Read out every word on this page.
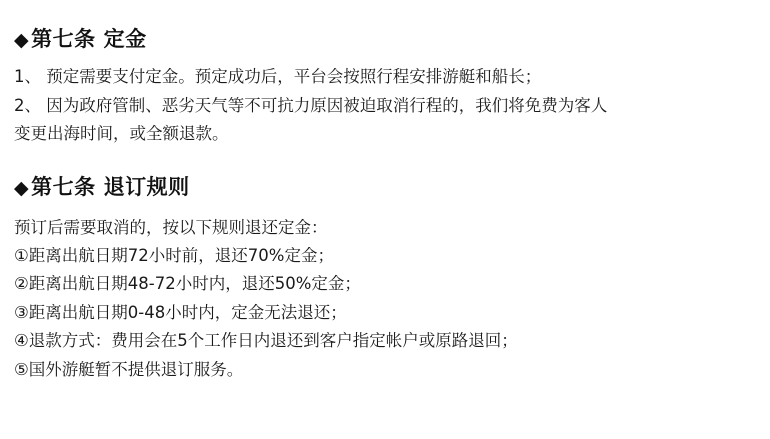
◆ 第七条 定金

1、 预定需要支付定金。预定成功后，平台会按照行程安排游艇和船长；

2、 因为政府管制、恶劣天气等不可抗力原因被迫取消行程的，我们将免费为客人

变更出海时间，或全额退款。

◆ 第七条 退订规则

预订后需要取消的，按以下规则退还定金：

①距离出航日期72小时前，退还70%定金；

②距离出航日期48-72小时内，退还50%定金；

③距离出航日期0-48小时内，定金无法退还；

④退款方式：费用会在5个工作日内退还到客户指定帐户或原路退回；

⑤国外游艇暂不提供退订服务。
